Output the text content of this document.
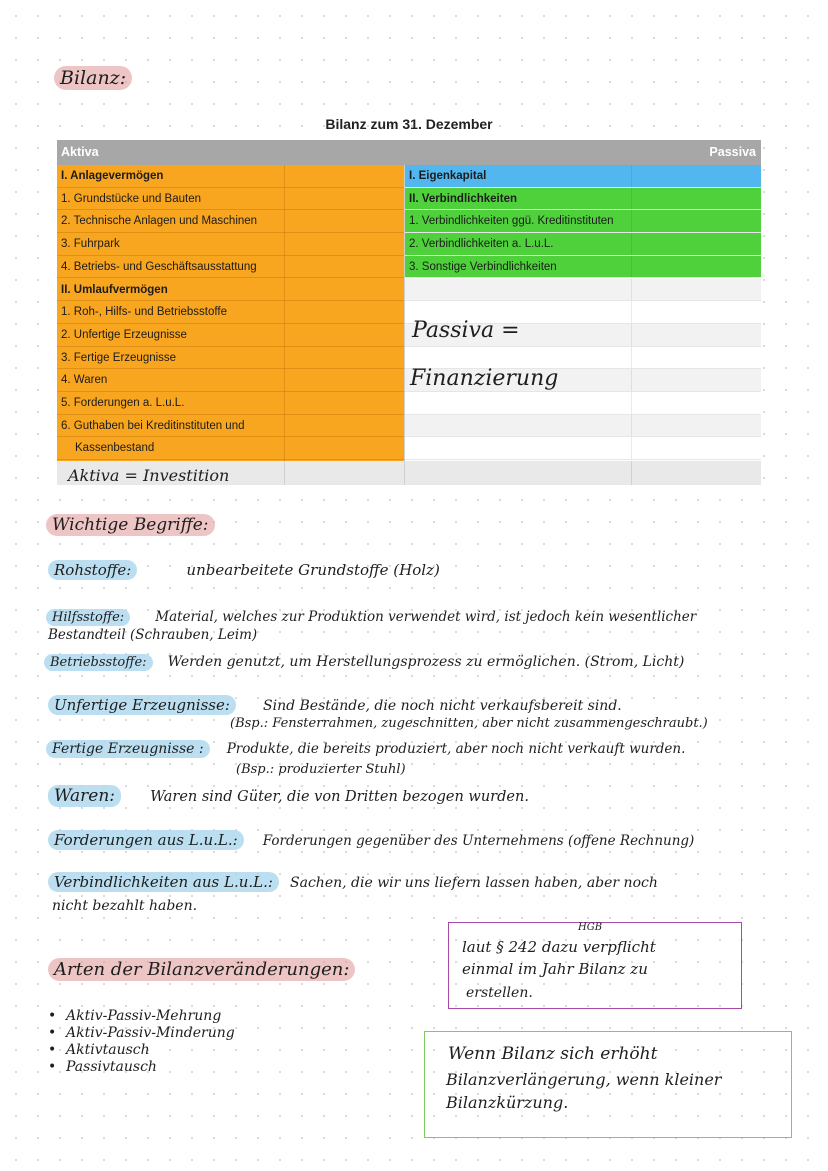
Bilanz:
Bilanz zum 31. Dezember
Aktiva	Passiva
I. Anlagevermögen
1. Grundstücke und Bauten
2. Technische Anlagen und Maschinen
3. Fuhrpark
4. Betriebs- und Geschäftsausstattung
II. Umlaufvermögen
1. Roh-, Hilfs- und Betriebsstoffe
2. Unfertige Erzeugnisse
3. Fertige Erzeugnisse
4. Waren
5. Forderungen a. L.u.L.
6. Guthaben bei Kreditinstituten und
Kassenbestand
I. Eigenkapital
II. Verbindlichkeiten
1. Verbindlichkeiten ggü. Kreditinstituten
2. Verbindlichkeiten a. L.u.L.
3. Sonstige Verbindlichkeiten
Passiva =
Finanzierung
Aktiva = Investition
Wichtige Begriffe:
Rohstoffe:	unbearbeitete Grundstoffe (Holz)
Hilfsstoffe: Material, welches zur Produktion verwendet wird, ist jedoch kein wesentlicher
Bestandteil (Schrauben, Leim)
Betriebsstoffe: Werden genutzt, um Herstellungsprozess zu ermöglichen. (Strom, Licht)
Unfertige Erzeugnisse: Sind Bestände, die noch nicht verkaufsbereit sind.
(Bsp.: Fensterrahmen, zugeschnitten, aber nicht zusammengeschraubt.)
Fertige Erzeugnisse : Produkte, die bereits produziert, aber noch nicht verkauft wurden.
(Bsp.: produzierter Stuhl)
Waren: Waren sind Güter, die von Dritten bezogen wurden.
Forderungen aus L.u.L.: Forderungen gegenüber des Unternehmens (offene Rechnung)
Verbindlichkeiten aus L.u.L.: Sachen, die wir uns liefern lassen haben, aber noch
nicht bezahlt haben.
Arten der Bilanzveränderungen:
• Aktiv-Passiv-Mehrung
• Aktiv-Passiv-Minderung
• Aktivtausch
• Passivtausch
HGB
laut § 242 dazu verpflicht
einmal im Jahr Bilanz zu
erstellen.
Wenn Bilanz sich erhöht
Bilanzverlängerung, wenn kleiner
Bilanzkürzung.
